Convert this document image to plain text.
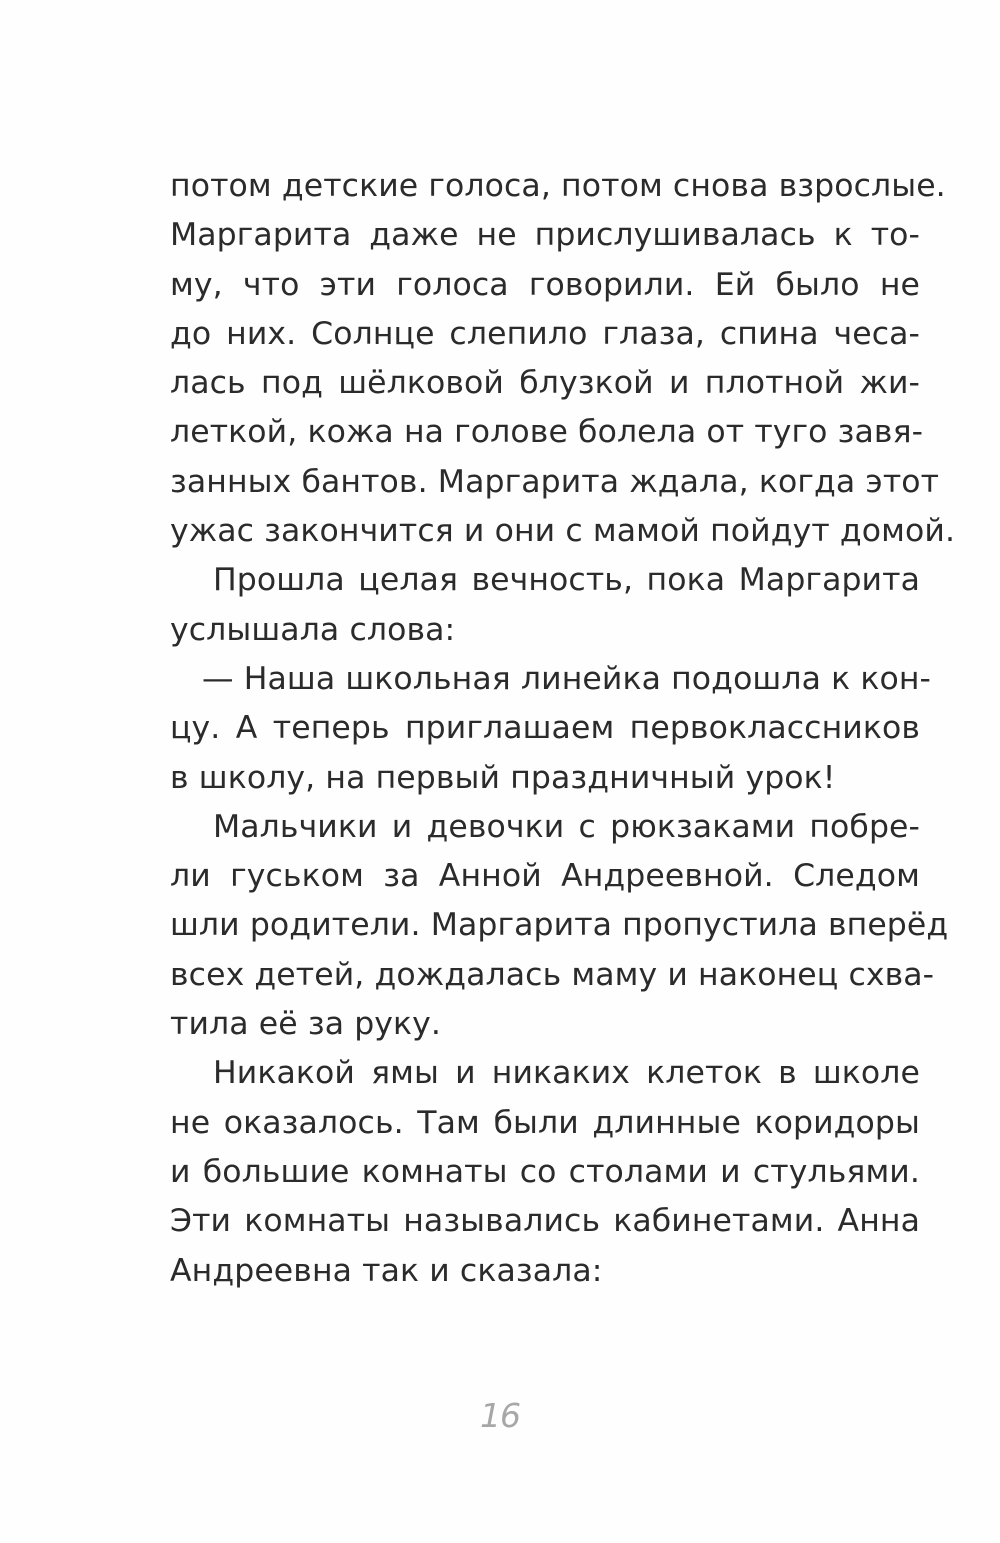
потом детские голоса, потом снова взрослые.
Маргарита даже не прислушивалась к то-
му, что эти голоса говорили. Ей было не
до них. Солнце слепило глаза, спина чеса-
лась под шёлковой блузкой и плотной жи-
леткой, кожа на голове болела от туго завя-
занных бантов. Маргарита ждала, когда этот
ужас закончится и они с мамой пойдут домой.
Прошла целая вечность, пока Маргарита
услышала слова:
— Наша школьная линейка подошла к кон-
цу. А теперь приглашаем первоклассников
в школу, на первый праздничный урок!
Мальчики и девочки с рюкзаками побре-
ли гуськом за Анной Андреевной. Следом
шли родители. Маргарита пропустила вперёд
всех детей, дождалась маму и наконец схва-
тила её за руку.
Никакой ямы и никаких клеток в школе
не оказалось. Там были длинные коридоры
и большие комнаты со столами и стульями.
Эти комнаты назывались кабинетами. Анна
Андреевна так и сказала:
16
